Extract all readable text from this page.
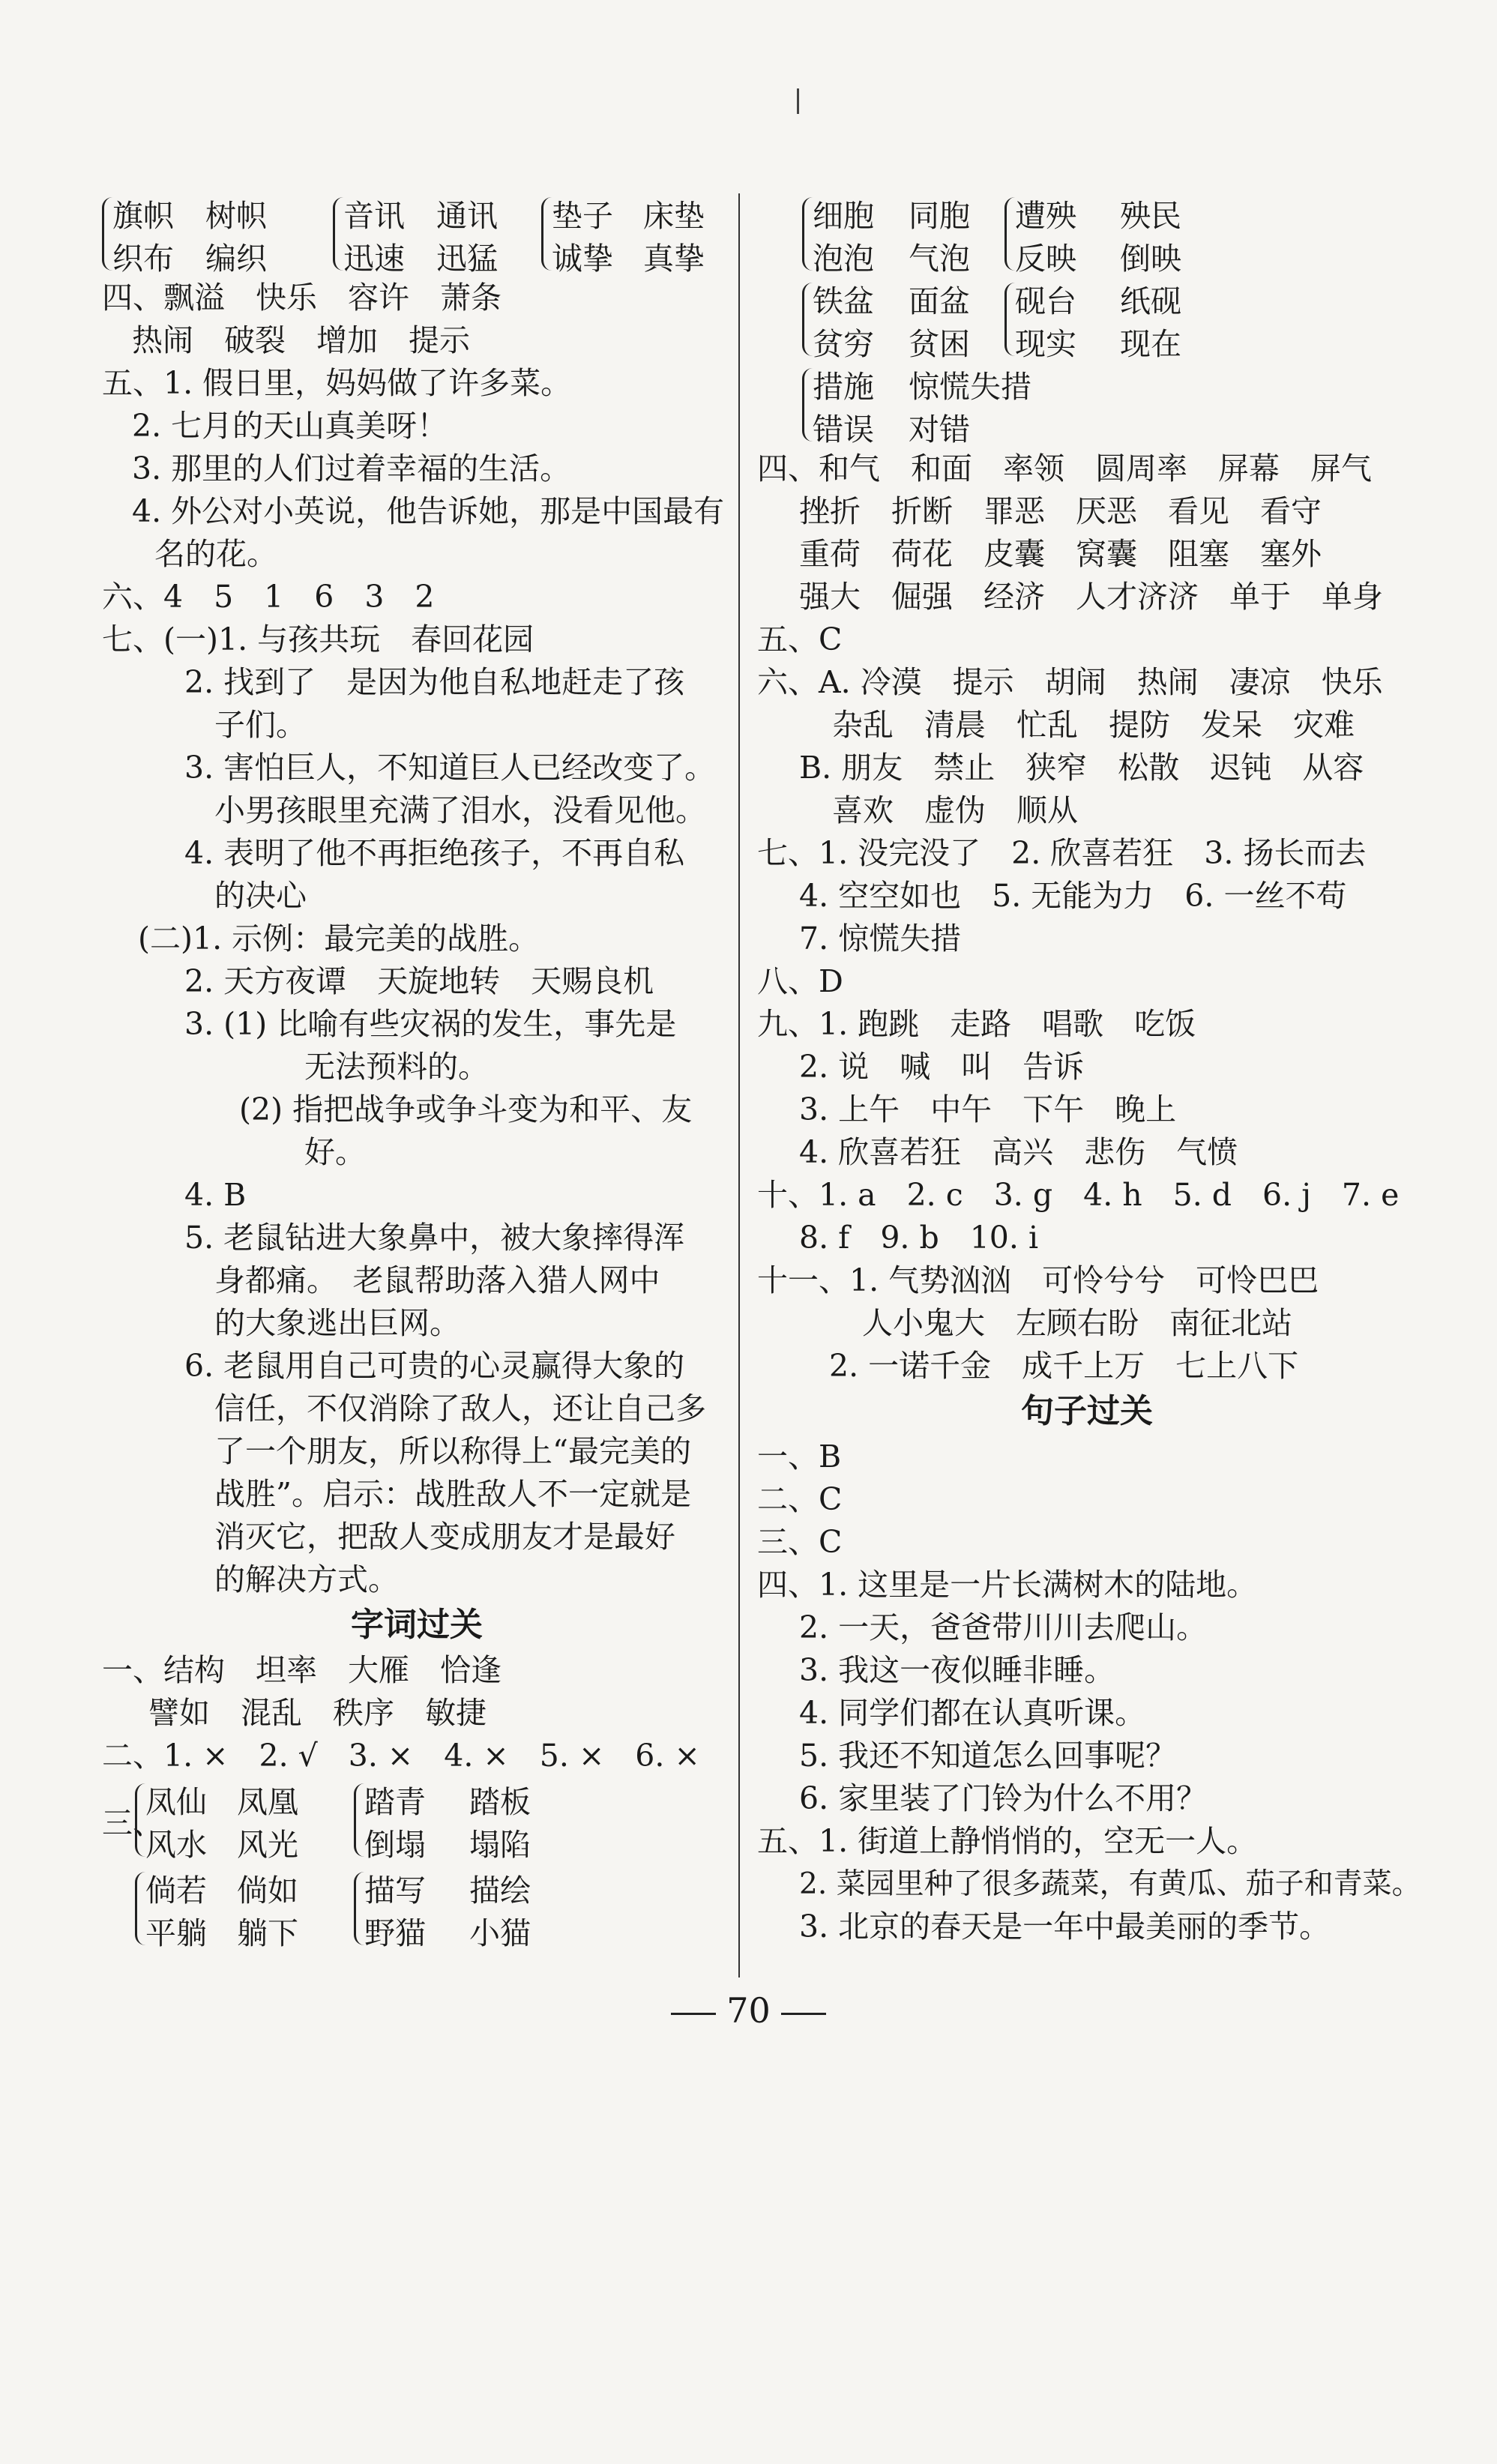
旗帜 树帜
织布 编织
音讯 通讯
迅速 迅猛
垫子 床垫
诚挚 真挚
四、飘溢　快乐　容许　萧条
热闹　破裂　增加　提示
五、1. 假日里，妈妈做了许多菜。
2. 七月的天山真美呀！
3. 那里的人们过着幸福的生活。
4. 外公对小英说，他告诉她，那是中国最有
名的花。
六、4　5　1　6　3　2
七、(一)1. 与孩共玩　春回花园
2. 找到了　是因为他自私地赶走了孩
子们。
3. 害怕巨人，不知道巨人已经改变了。
小男孩眼里充满了泪水，没看见他。
4. 表明了他不再拒绝孩子，不再自私
的决心
(二)1. 示例：最完美的战胜。
2. 天方夜谭　天旋地转　天赐良机
3. (1) 比喻有些灾祸的发生，事先是
无法预料的。
(2) 指把战争或争斗变为和平、友
好。
4. B
5. 老鼠钻进大象鼻中，被大象摔得浑
身都痛。　老鼠帮助落入猎人网中
的大象逃出巨网。
6. 老鼠用自己可贵的心灵赢得大象的
信任，不仅消除了敌人，还让自己多
了一个朋友，所以称得上“最完美的
战胜”。启示：战胜敌人不一定就是
消灭它，把敌人变成朋友才是最好
的解决方式。
字词过关
一、结构　坦率　大雁　恰逢
譬如　混乱　秩序　敏捷
二、1. ×　2. √　3. ×　4. ×　5. ×　6. ×
三、
凤仙 凤凰
风水 风光
踏青 踏板
倒塌 塌陷
倘若 倘如
平躺 躺下
描写 描绘
野猫 小猫
细胞 同胞
泡泡 气泡
遭殃 殃民
反映 倒映
铁盆 面盆
贫穷 贫困
砚台 纸砚
现实 现在
措施 惊慌失措
错误 对错
四、和气　和面　率领　圆周率　屏幕　屏气
挫折　折断　罪恶　厌恶　看见　看守
重荷　荷花　皮囊　窝囊　阻塞　塞外
强大　倔强　经济　人才济济　单于　单身
五、C
六、A. 冷漠　提示　胡闹　热闹　凄凉　快乐
杂乱　清晨　忙乱　提防　发呆　灾难
B. 朋友　禁止　狭窄　松散　迟钝　从容
喜欢　虚伪　顺从
七、1. 没完没了　2. 欣喜若狂　3. 扬长而去
4. 空空如也　5. 无能为力　6. 一丝不苟
7. 惊慌失措
八、D
九、1. 跑跳　走路　唱歌　吃饭
2. 说　喊　叫　告诉
3. 上午　中午　下午　晚上
4. 欣喜若狂　高兴　悲伤　气愤
十、1. a　2. c　3. g　4. h　5. d　6. j　7. e
8. f　9. b　10. i
十一、1. 气势汹汹　可怜兮兮　可怜巴巴
人小鬼大　左顾右盼　南征北站
2. 一诺千金　成千上万　七上八下
句子过关
一、B
二、C
三、C
四、1. 这里是一片长满树木的陆地。
2. 一天，爸爸带川川去爬山。
3. 我这一夜似睡非睡。
4. 同学们都在认真听课。
5. 我还不知道怎么回事呢？
6. 家里装了门铃为什么不用？
五、1. 街道上静悄悄的，空无一人。
2. 菜园里种了很多蔬菜，有黄瓜、茄子和青菜。
3. 北京的春天是一年中最美丽的季节。
70
